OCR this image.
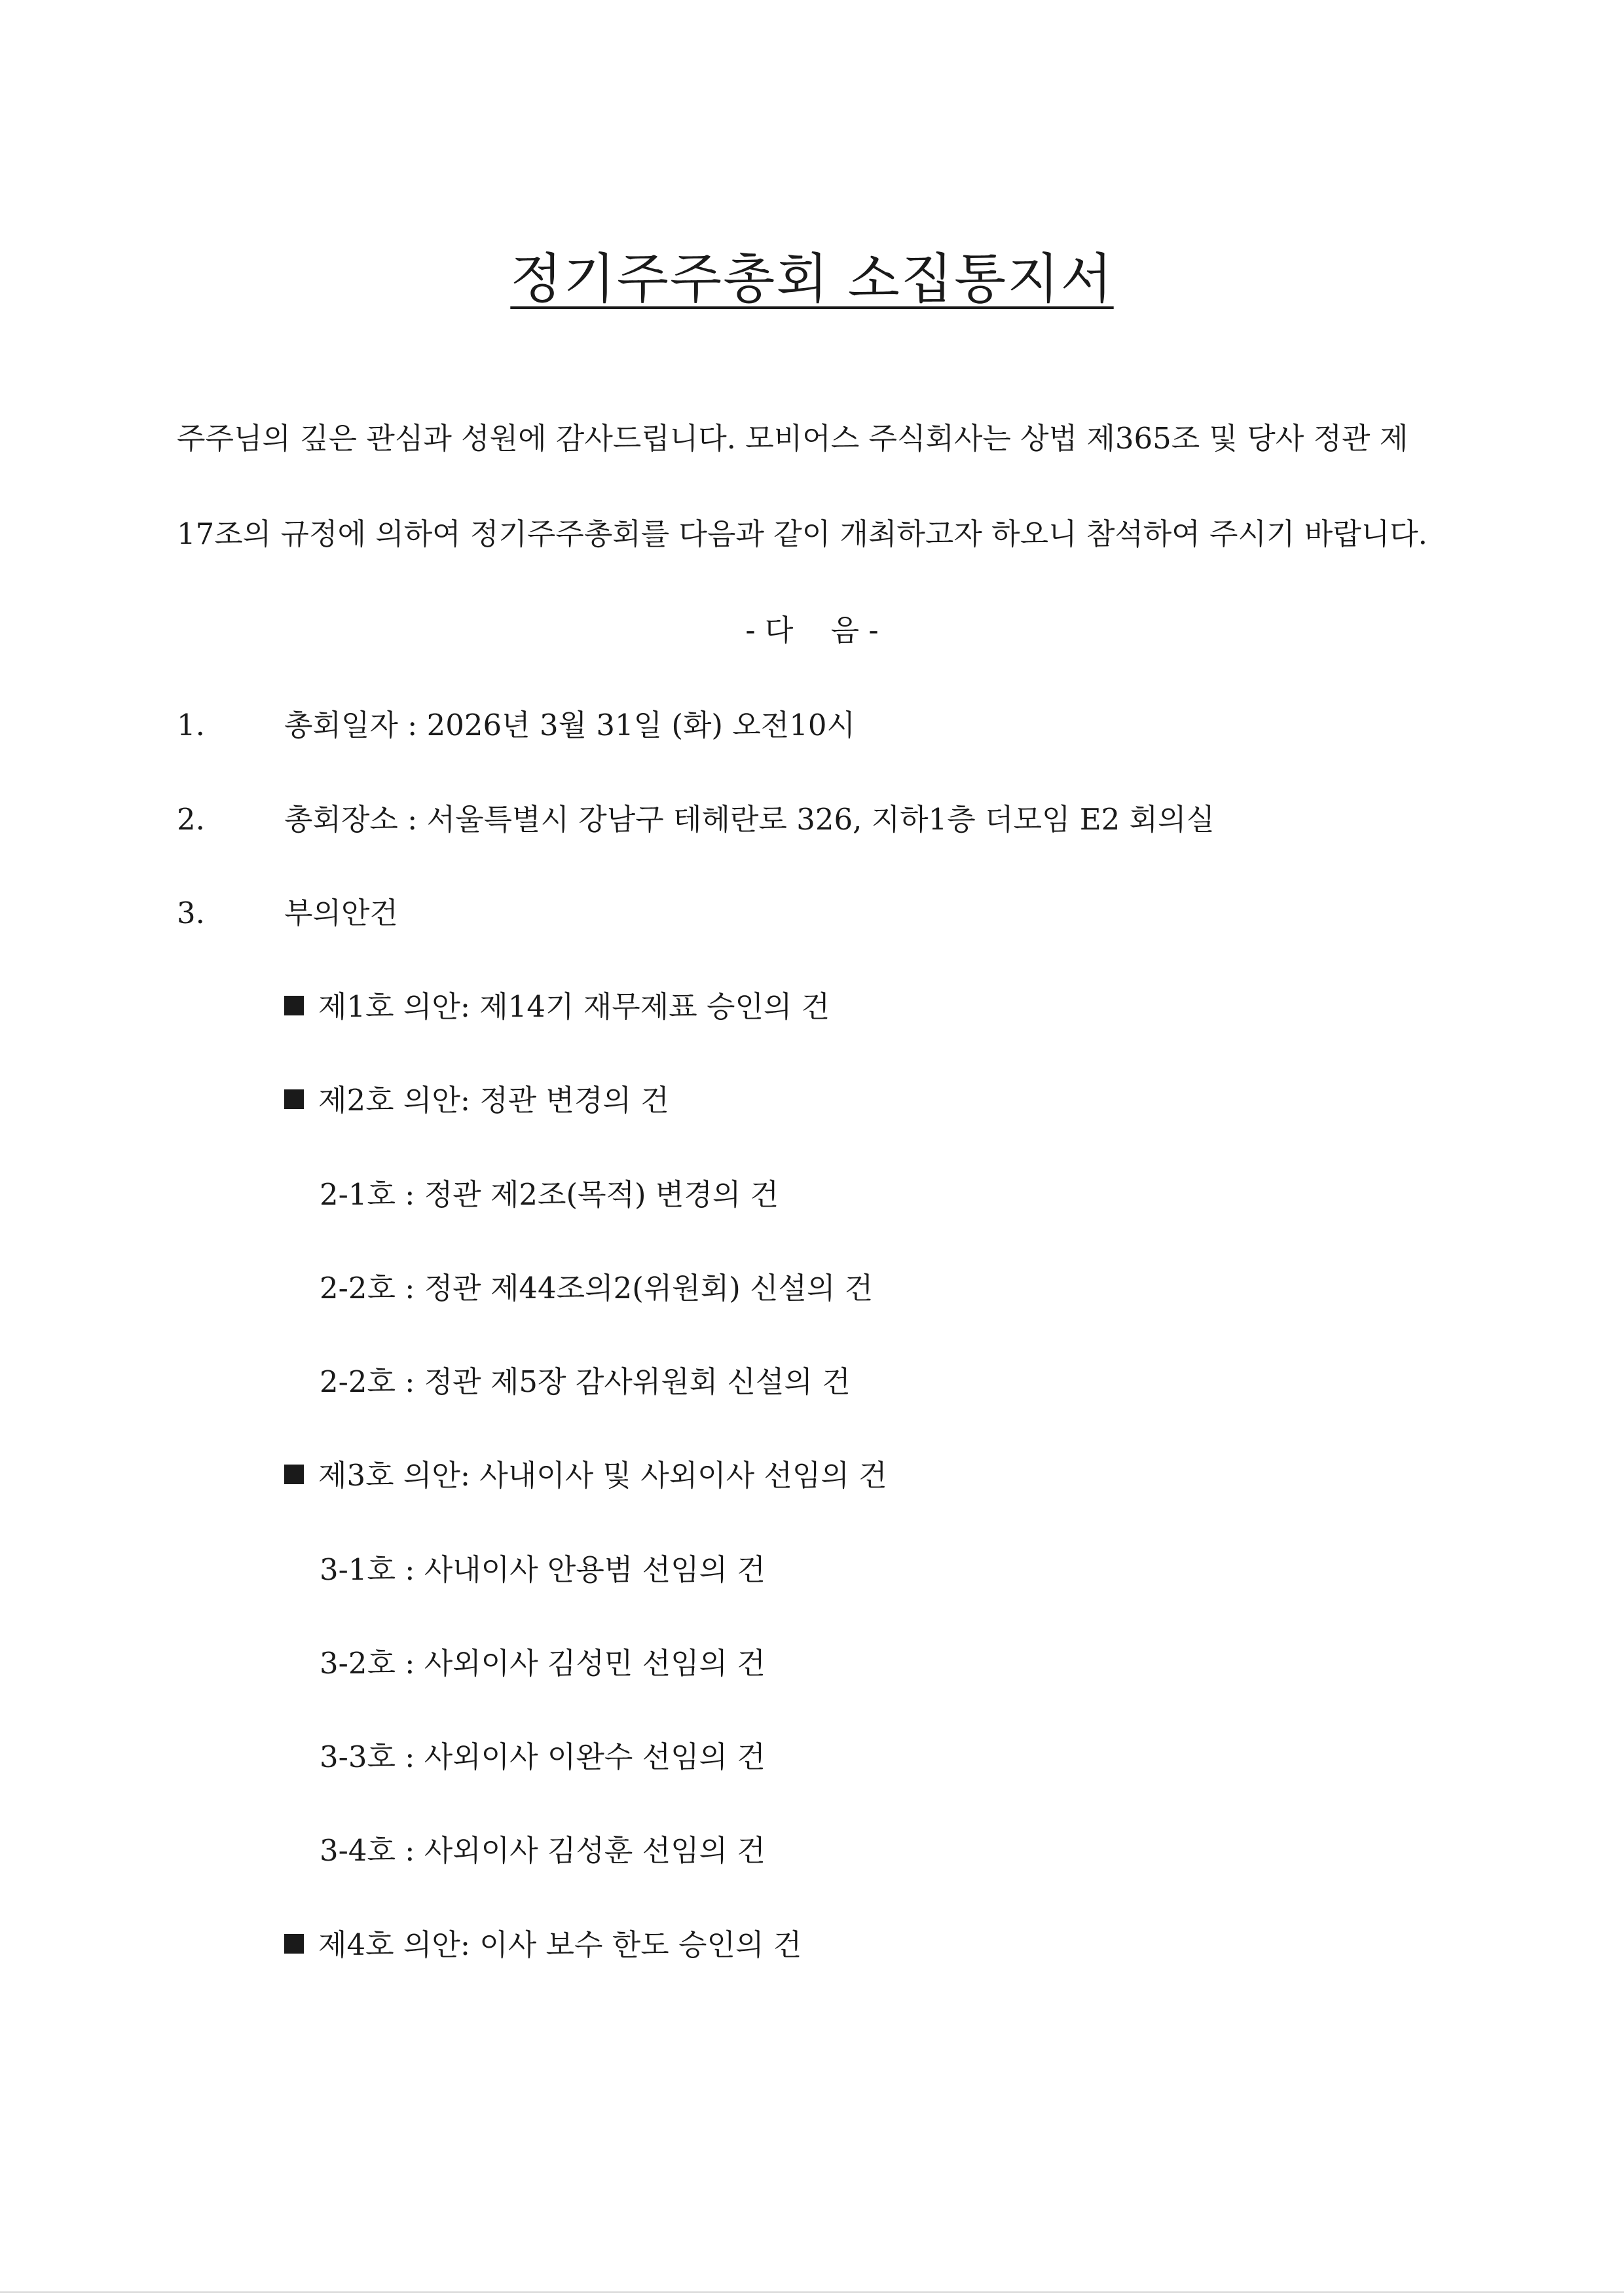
정기주주총회 소집통지서
주주님의 깊은 관심과 성원에 감사드립니다. 모비어스 주식회사는 상법 제365조 및 당사 정관 제
17조의 규정에 의하여 정기주주총회를 다음과 같이 개최하고자 하오니 참석하여 주시기 바랍니다.
- 다    음 -
1.	총회일자 : 2026년 3월 31일 (화) 오전10시
2.	총회장소 : 서울특별시 강남구 테헤란로 326, 지하1층 더모임 E2 회의실
3.	부의안건
제1호 의안: 제14기 재무제표 승인의 건
제2호 의안: 정관 변경의 건
2-1호 : 정관 제2조(목적) 변경의 건
2-2호 : 정관 제44조의2(위원회) 신설의 건
2-2호 : 정관 제5장 감사위원회 신설의 건
제3호 의안: 사내이사 및 사외이사 선임의 건
3-1호 : 사내이사 안용범 선임의 건
3-2호 : 사외이사 김성민 선임의 건
3-3호 : 사외이사 이완수 선임의 건
3-4호 : 사외이사 김성훈 선임의 건
제4호 의안: 이사 보수 한도 승인의 건
